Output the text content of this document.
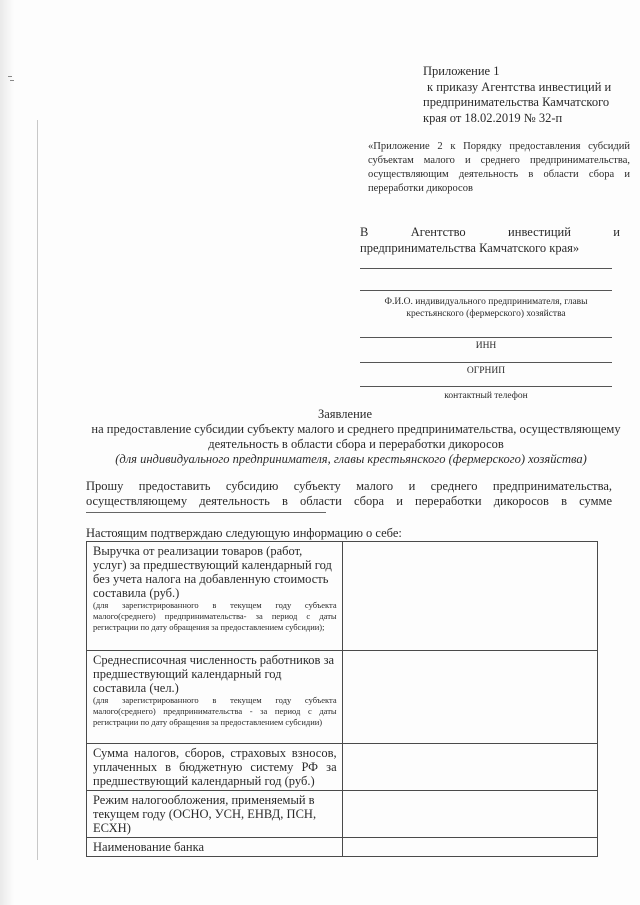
Приложение 1
к приказу Агентства инвестиций и
предпринимательства Камчатского
края от 18.02.2019 № 32-п
«Приложение 2 к Порядку предоставления субсидий субъектам малого и среднего предпринимательства, осуществляющим деятельность в области сбора и переработки дикоросов
В Агентство инвестиций и предпринимательства Камчатского края»
Ф.И.О. индивидуального предпринимателя, главы крестьянского (фермерского) хозяйства
ИНН
ОГРНИП
контактный телефон
Заявление
на предоставление субсидии субъекту малого и среднего предпринимательства, осуществляющему деятельность в области сбора и переработки дикоросов
(для индивидуального предпринимателя, главы крестьянского (фермерского) хозяйства)
Прошу предоставить субсидию субъекту малого и среднего предпринимательства, осуществляющему деятельность в области сбора и переработки дикоросов в сумме
Настоящим подтверждаю следующую информацию о себе:
Выручка от реализации товаров (работ, услуг) за предшествующий календарный год без учета налога на добавленную стоимость составила (руб.)
(для зарегистрированного в текущем году субъекта малого(среднего) предпринимательства- за период с даты регистрации по дату обращения за предоставлением субсидии);	

Среднесписочная численность работников за предшествующий календарный год составила (чел.)
(для зарегистрированного в текущем году субъекта малого(среднего) предпринимательства - за период с даты регистрации по дату обращения за предоставлением субсидии)	

Сумма налогов, сборов, страховых взносов, уплаченных в бюджетную систему РФ за предшествующий календарный год (руб.)	
Режим налогообложения, применяемый в текущем году (ОСНО, УСН, ЕНВД, ПСН, ЕСХН)	
Наименование банка	
